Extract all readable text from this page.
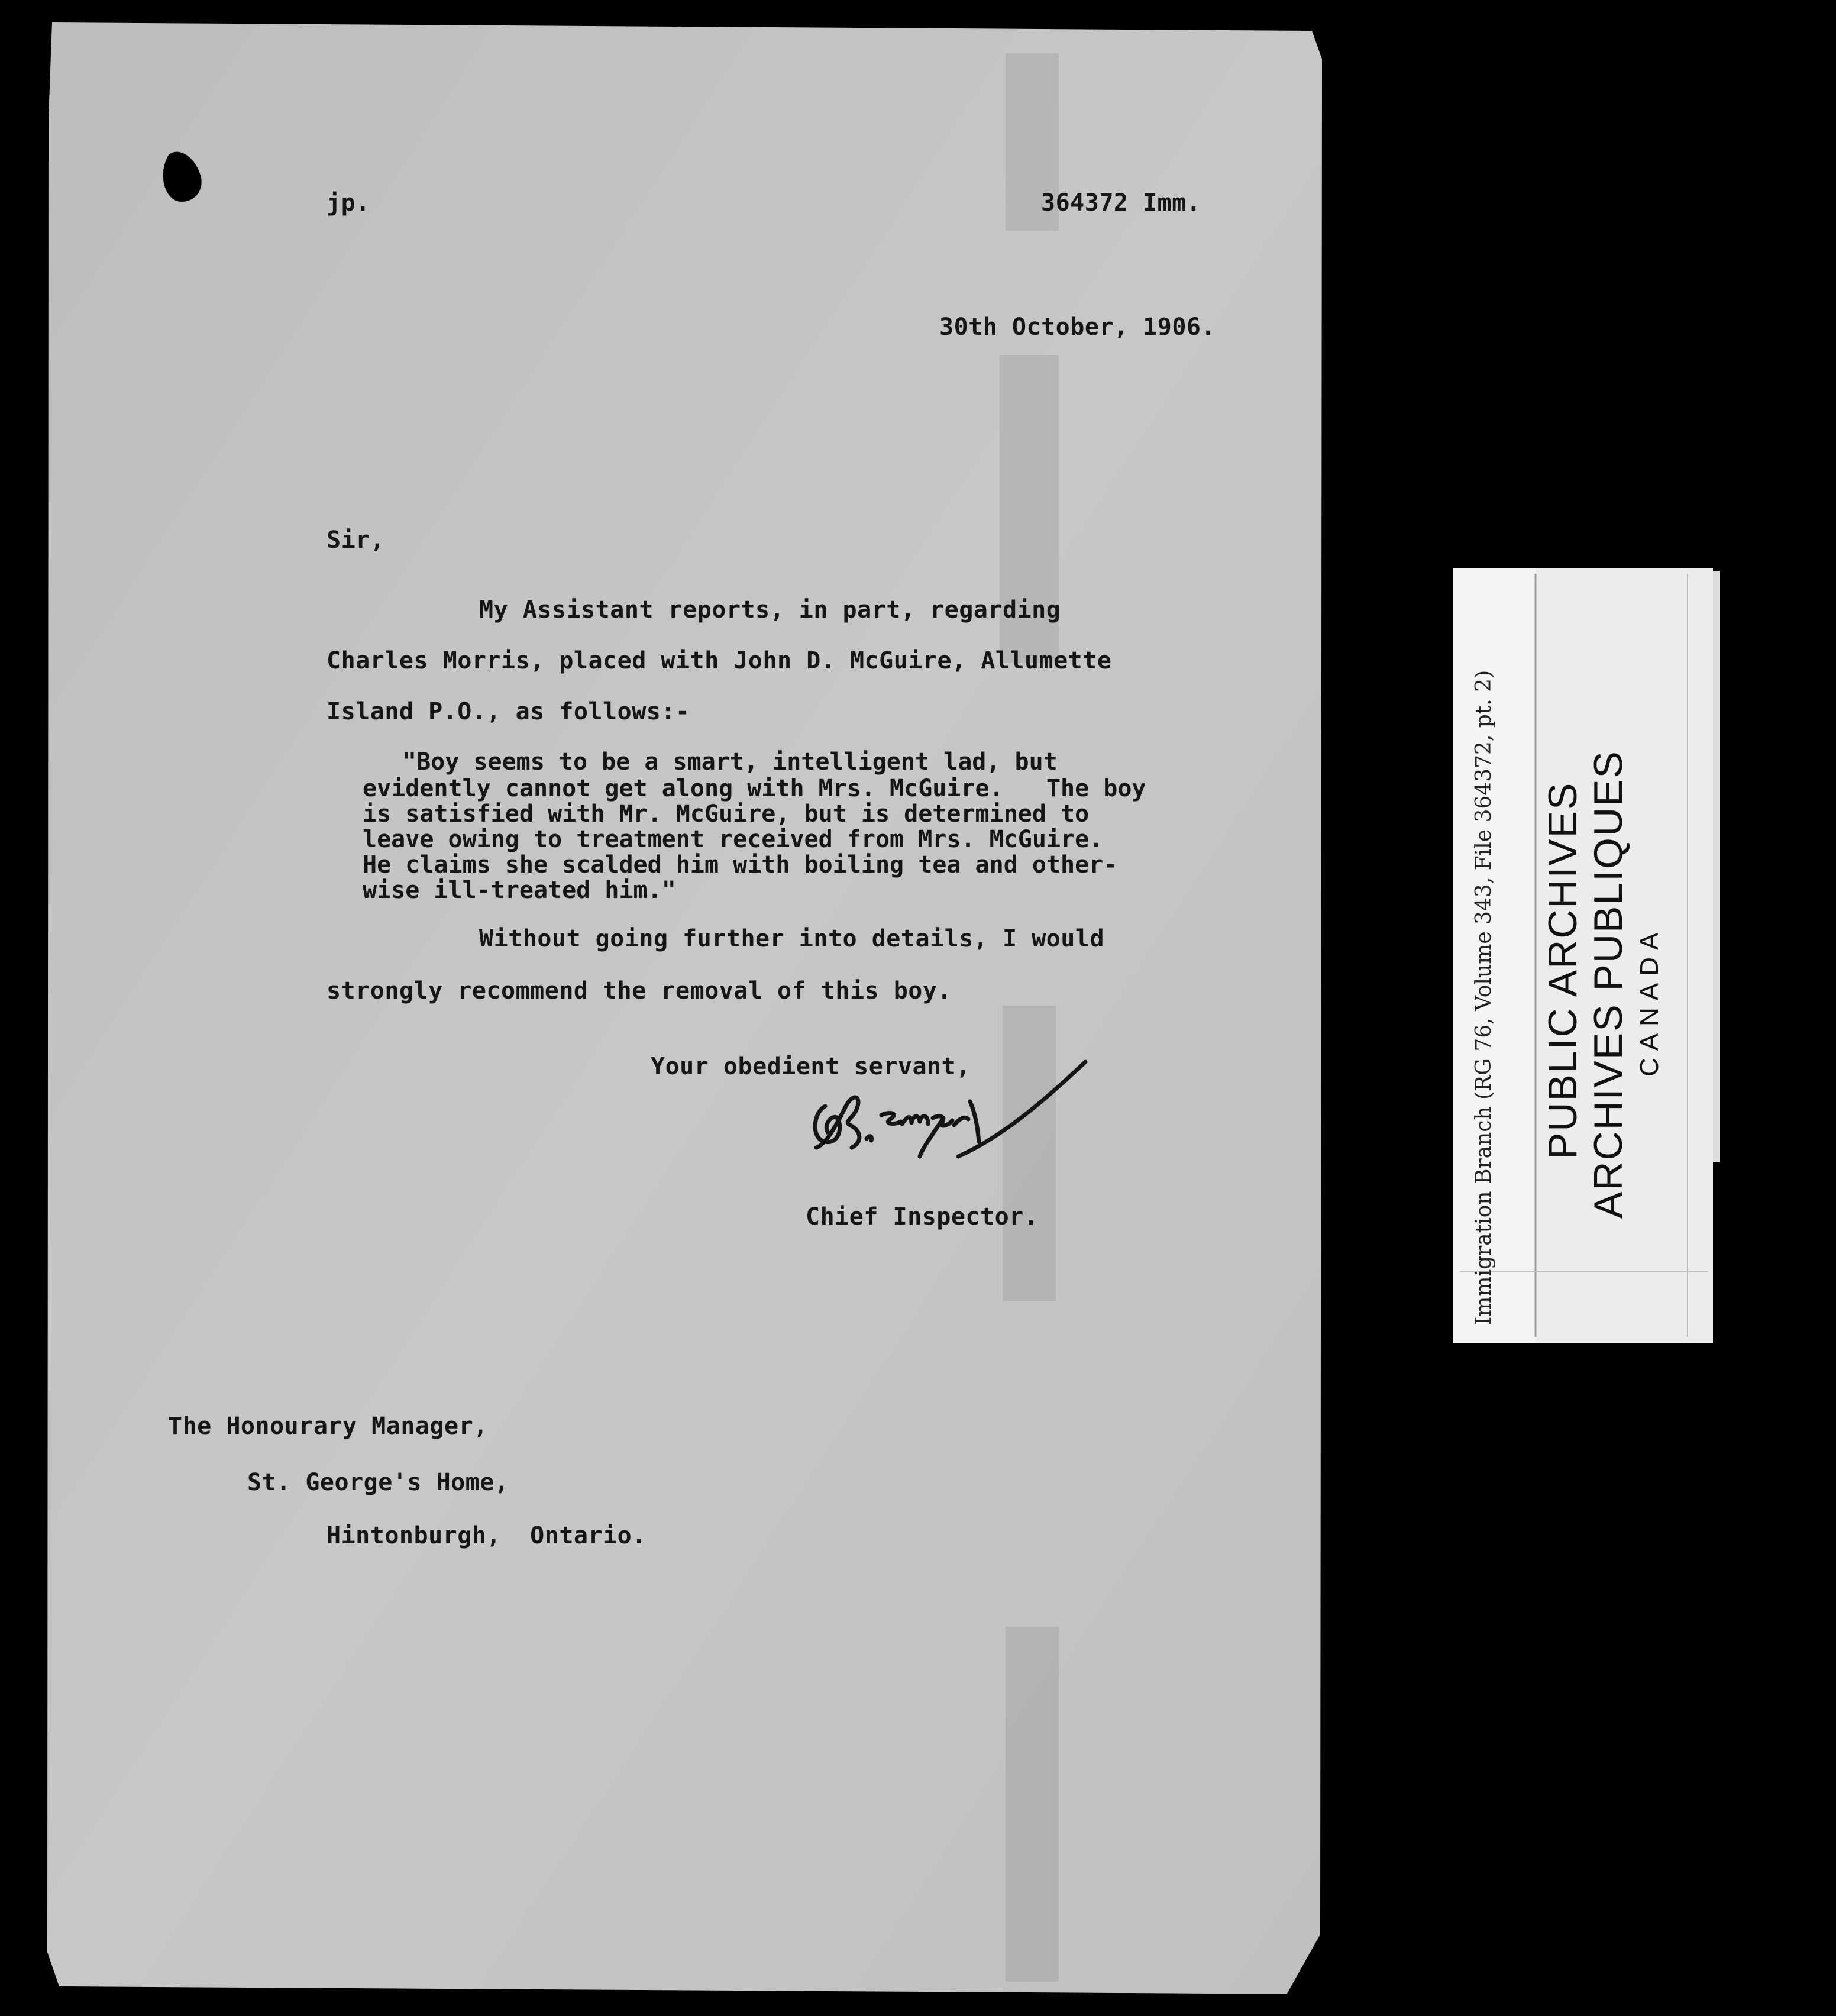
jp.	364372 Imm.
30th October, 1906.
Sir,
My Assistant reports, in part, regarding
Charles Morris, placed with John D. McGuire, Allumette
Island P.O., as follows:-
"Boy seems to be a smart, intelligent lad, but
evidently cannot get along with Mrs. McGuire.   The boy
is satisfied with Mr. McGuire, but is determined to
leave owing to treatment received from Mrs. McGuire.
He claims she scalded him with boiling tea and other-
wise ill-treated him."
Without going further into details, I would
strongly recommend the removal of this boy.
Your obedient servant,
Chief Inspector.
The Honourary Manager,
St. George's Home,
Hintonburgh,  Ontario.
Immigration Branch (RG 76, Volume 343, File 364372, pt. 2) PUBLIC ARCHIVES ARCHIVES PUBLIQUES CANADA
